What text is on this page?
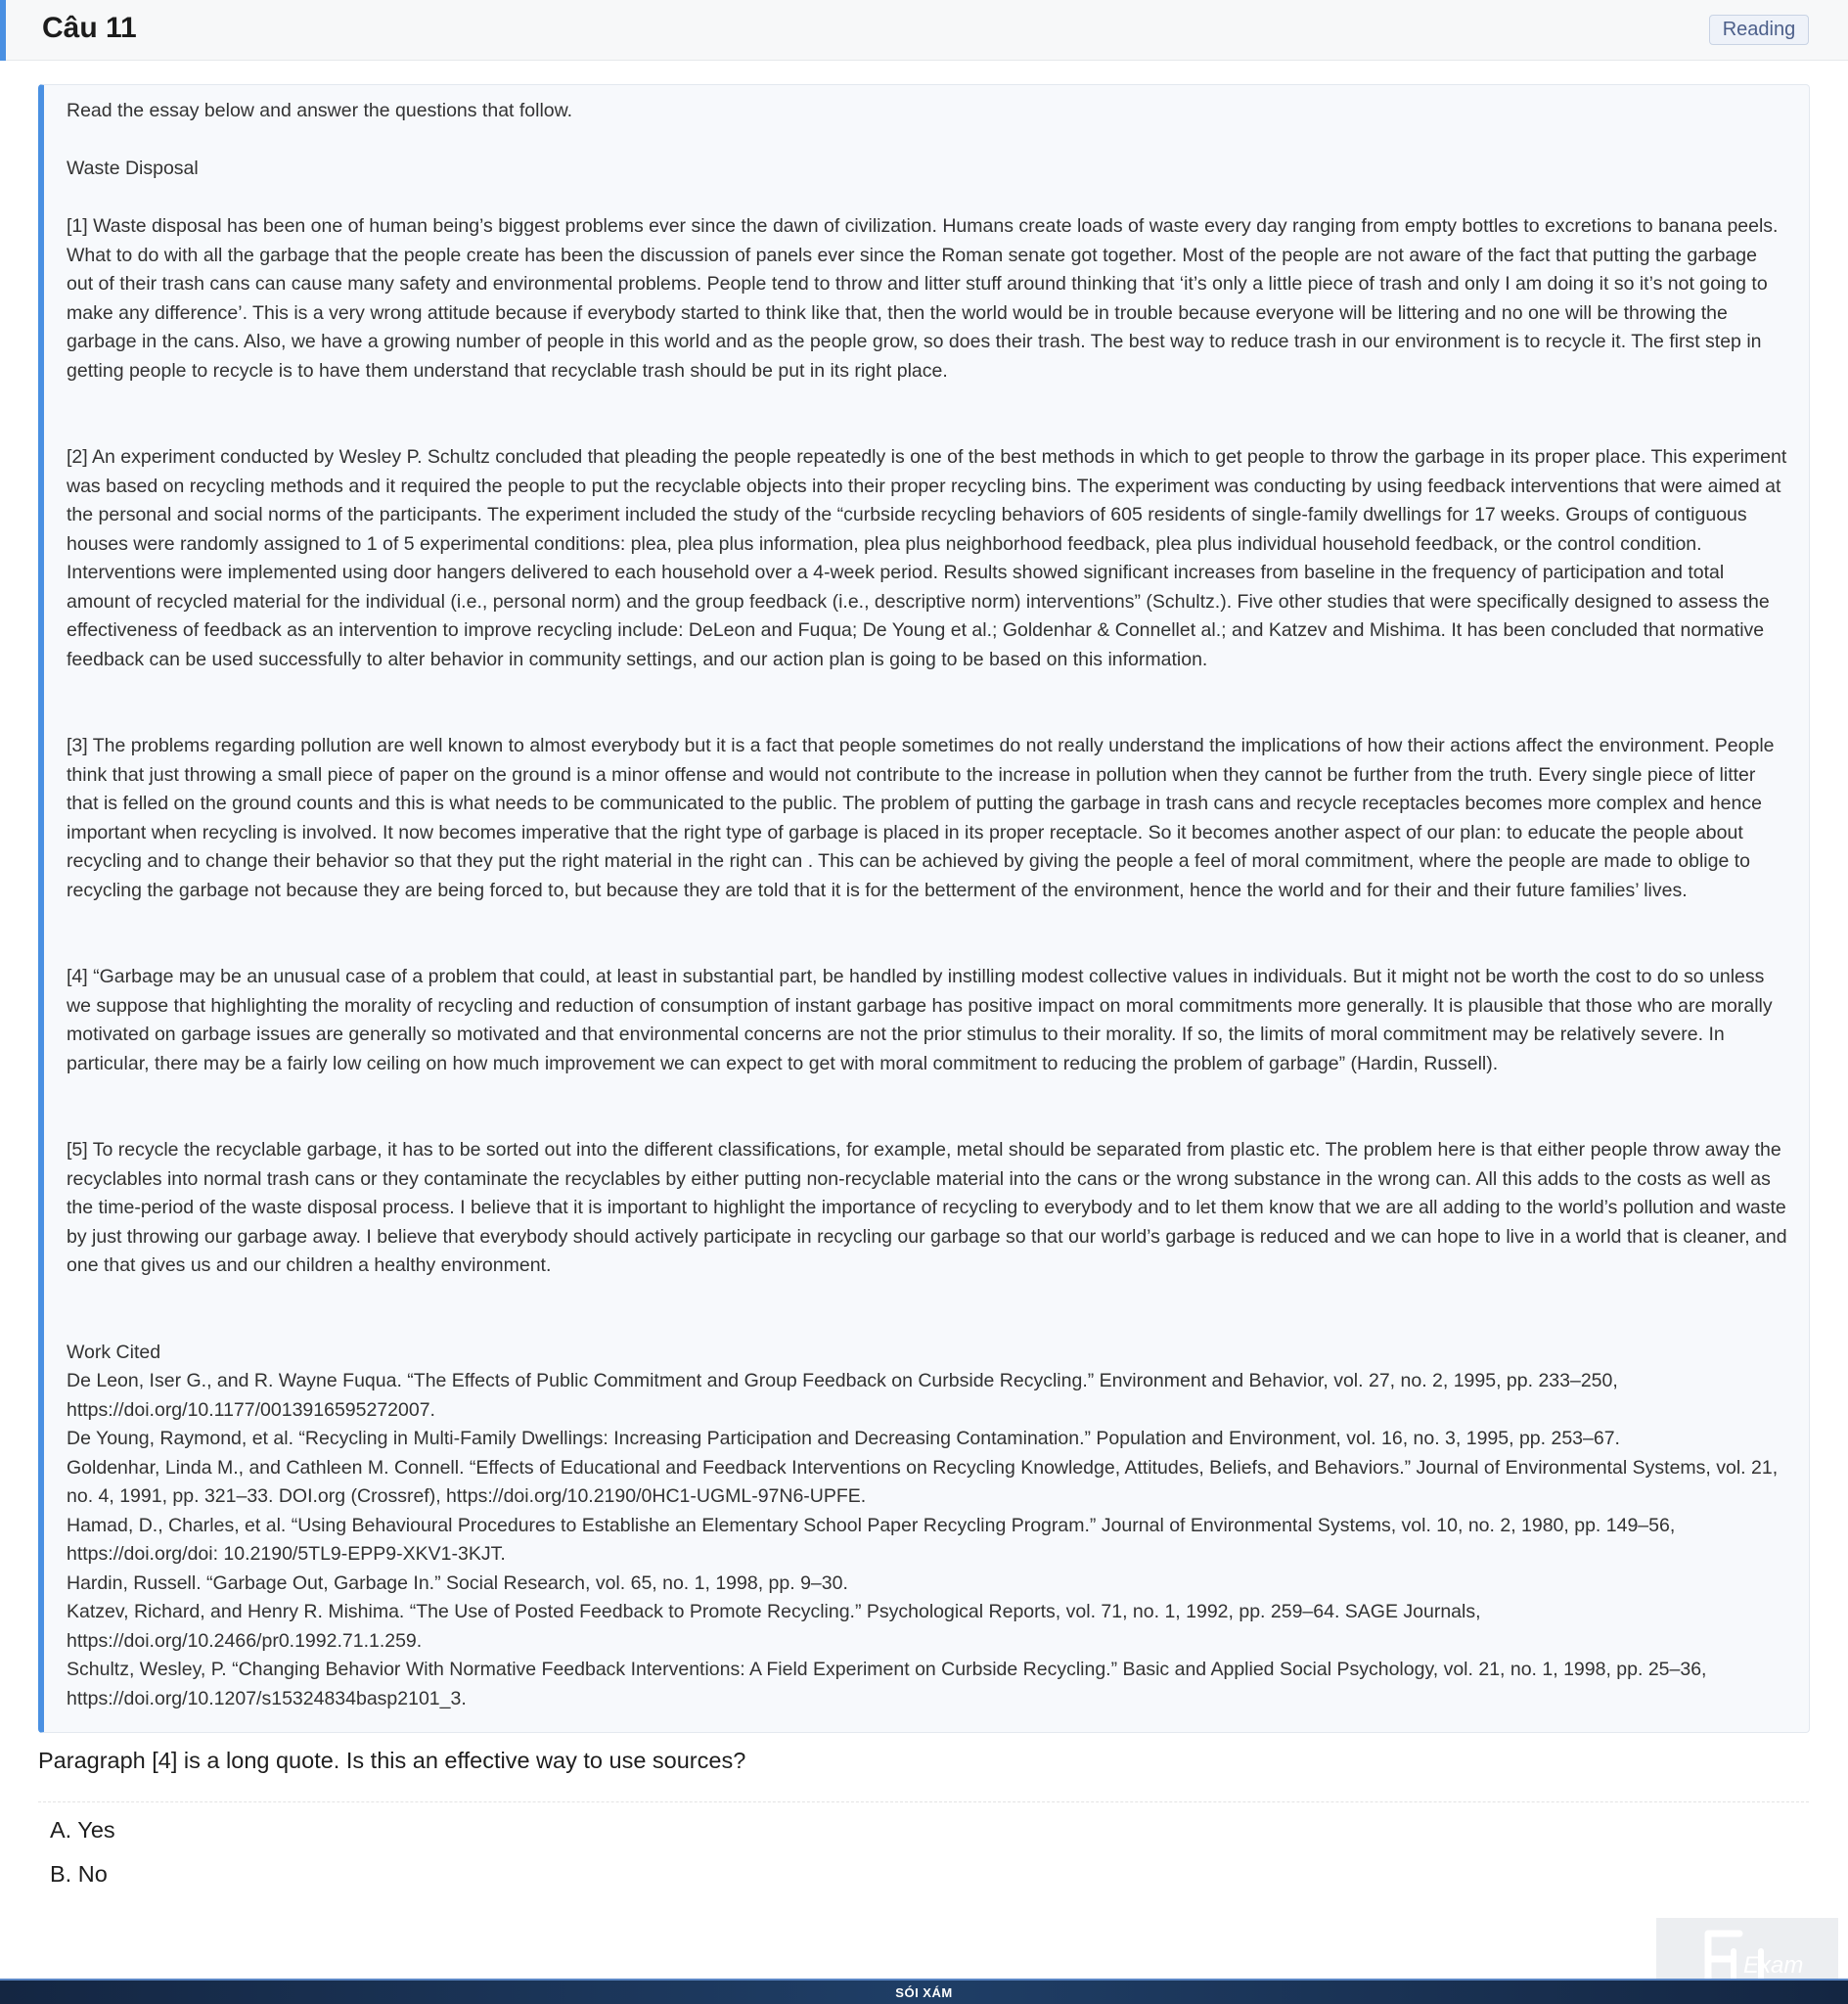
Câu 11	Reading

Read the essay below and answer the questions that follow.

Waste Disposal

[1] Waste disposal has been one of human being’s biggest problems ever since the dawn of civilization. Humans create loads of waste every day ranging from empty bottles to excretions to banana peels. What to do with all the garbage that the people create has been the discussion of panels ever since the Roman senate got together. Most of the people are not aware of the fact that putting the garbage out of their trash cans can cause many safety and environmental problems. People tend to throw and litter stuff around thinking that ‘it’s only a little piece of trash and only I am doing it so it’s not going to make any difference’. This is a very wrong attitude because if everybody started to think like that, then the world would be in trouble because everyone will be littering and no one will be throwing the garbage in the cans. Also, we have a growing number of people in this world and as the people grow, so does their trash. The best way to reduce trash in our environment is to recycle it. The first step in getting people to recycle is to have them understand that recyclable trash should be put in its right place.

[2] An experiment conducted by Wesley P. Schultz concluded that pleading the people repeatedly is one of the best methods in which to get people to throw the garbage in its proper place. This experiment was based on recycling methods and it required the people to put the recyclable objects into their proper recycling bins. The experiment was conducting by using feedback interventions that were aimed at the personal and social norms of the participants. The experiment included the study of the “curbside recycling behaviors of 605 residents of single-family dwellings for 17 weeks. Groups of contiguous houses were randomly assigned to 1 of 5 experimental conditions: plea, plea plus information, plea plus neighborhood feedback, plea plus individual household feedback, or the control condition. Interventions were implemented using door hangers delivered to each household over a 4-week period. Results showed significant increases from baseline in the frequency of participation and total amount of recycled material for the individual (i.e., personal norm) and the group feedback (i.e., descriptive norm) interventions” (Schultz.). Five other studies that were specifically designed to assess the effectiveness of feedback as an intervention to improve recycling include: DeLeon and Fuqua; De Young et al.; Goldenhar & Connellet al.; and Katzev and Mishima. It has been concluded that normative feedback can be used successfully to alter behavior in community settings, and our action plan is going to be based on this information.

[3] The problems regarding pollution are well known to almost everybody but it is a fact that people sometimes do not really understand the implications of how their actions affect the environment. People think that just throwing a small piece of paper on the ground is a minor offense and would not contribute to the increase in pollution when they cannot be further from the truth. Every single piece of litter that is felled on the ground counts and this is what needs to be communicated to the public. The problem of putting the garbage in trash cans and recycle receptacles becomes more complex and hence important when recycling is involved. It now becomes imperative that the right type of garbage is placed in its proper receptacle. So it becomes another aspect of our plan: to educate the people about recycling and to change their behavior so that they put the right material in the right can . This can be achieved by giving the people a feel of moral commitment, where the people are made to oblige to recycling the garbage not because they are being forced to, but because they are told that it is for the betterment of the environment, hence the world and for their and their future families’ lives.

[4] “Garbage may be an unusual case of a problem that could, at least in substantial part, be handled by instilling modest collective values in individuals. But it might not be worth the cost to do so unless we suppose that highlighting the morality of recycling and reduction of consumption of instant garbage has positive impact on moral commitments more generally. It is plausible that those who are morally motivated on garbage issues are generally so motivated and that environmental concerns are not the prior stimulus to their morality. If so, the limits of moral commitment may be relatively severe. In particular, there may be a fairly low ceiling on how much improvement we can expect to get with moral commitment to reducing the problem of garbage” (Hardin, Russell).

[5] To recycle the recyclable garbage, it has to be sorted out into the different classifications, for example, metal should be separated from plastic etc. The problem here is that either people throw away the recyclables into normal trash cans or they contaminate the recyclables by either putting non-recyclable material into the cans or the wrong substance in the wrong can. All this adds to the costs as well as the time-period of the waste disposal process. I believe that it is important to highlight the importance of recycling to everybody and to let them know that we are all adding to the world’s pollution and waste by just throwing our garbage away. I believe that everybody should actively participate in recycling our garbage so that our world’s garbage is reduced and we can hope to live in a world that is cleaner, and one that gives us and our children a healthy environment.

Work Cited

De Leon, Iser G., and R. Wayne Fuqua. “The Effects of Public Commitment and Group Feedback on Curbside Recycling.” Environment and Behavior, vol. 27, no. 2, 1995, pp. 233–250, https://doi.org/10.1177/0013916595272007.

De Young, Raymond, et al. “Recycling in Multi-Family Dwellings: Increasing Participation and Decreasing Contamination.” Population and Environment, vol. 16, no. 3, 1995, pp. 253–67.

Goldenhar, Linda M., and Cathleen M. Connell. “Effects of Educational and Feedback Interventions on Recycling Knowledge, Attitudes, Beliefs, and Behaviors.” Journal of Environmental Systems, vol. 21, no. 4, 1991, pp. 321–33. DOI.org (Crossref), https://doi.org/10.2190/0HC1-UGML-97N6-UPFE.

Hamad, D., Charles, et al. “Using Behavioural Procedures to Establishe an Elementary School Paper Recycling Program.” Journal of Environmental Systems, vol. 10, no. 2, 1980, pp. 149–56, https://doi.org/doi: 10.2190/5TL9-EPP9-XKV1-3KJT.

Hardin, Russell. “Garbage Out, Garbage In.” Social Research, vol. 65, no. 1, 1998, pp. 9–30.

Katzev, Richard, and Henry R. Mishima. “The Use of Posted Feedback to Promote Recycling.” Psychological Reports, vol. 71, no. 1, 1992, pp. 259–64. SAGE Journals, https://doi.org/10.2466/pr0.1992.71.1.259.

Schultz, Wesley, P. “Changing Behavior With Normative Feedback Interventions: A Field Experiment on Curbside Recycling.” Basic and Applied Social Psychology, vol. 21, no. 1, 1998, pp. 25–36, https://doi.org/10.1207/s15324834basp2101_3.

Paragraph [4] is a long quote. Is this an effective way to use sources?
A. Yes
B. No
Exam
SÓI XÁM
